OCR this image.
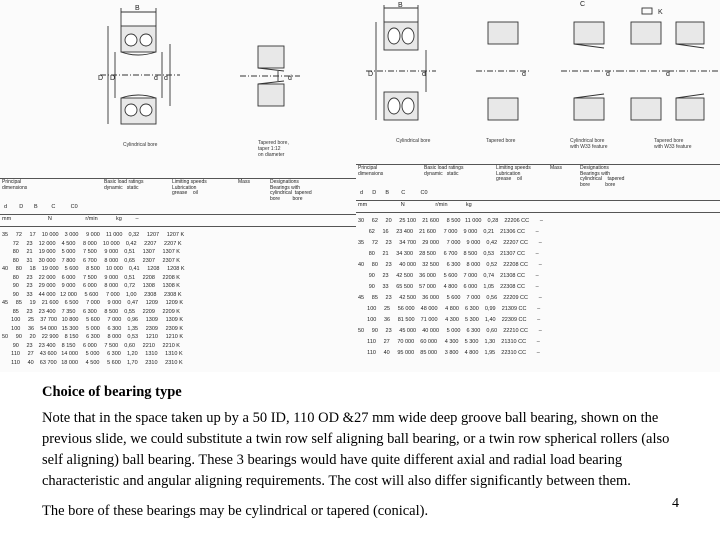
B
D D	d d	d
Cylindrical bore	Tapered bore,
taper 1:12
on diameter
Principal
dimensions
Basic load ratings
dynamic   static
Limiting speeds
Lubrication
grease    oil
Mass	Designations
Bearings with
cylindrical  tapered
bore         bore
d        D       B         C          C0
mm                        N                      r/min            kg         –
35     72     17    10 000    3 000     9 000    11 000    0,32     1207     1207 K
72     23    12 000    4 500     8 000    10 000    0,42     2207     2207 K
80     21    19 000    5 000     7 500     9 000    0,51     1307     1307 K
80     31    30 000    7 800     6 700     8 000    0,65     2307     2307 K
40     80     18    19 000    5 600     8 500    10 000    0,41     1208     1208 K
80     23    22 000    6 000     7 500     9 000    0,51     2208     2208 K
90     23    29 000    9 000     6 000     8 000    0,72     1308     1308 K
90     33    44 000   12 000     5 600     7 000    1,00     2308     2308 K
45     85     19    21 600    6 500     7 000     9 000    0,47     1209     1209 K
85     23    23 400    7 350     6 300     8 500    0,55     2209     2209 K
100     25    37 700   10 800     5 600     7 000    0,96     1309     1309 K
100     36    54 000   15 300     5 000     6 300    1,35     2309     2309 K
50     90     20    22 900    8 150     6 300     8 000    0,53     1210     1210 K
90     23    23 400    8 150     6 000     7 500    0,60     2210     2210 K
110     27    43 600   14 000     5 000     6 300    1,20     1310     1310 K
110     40    63 700   18 000     4 500     5 600    1,70     2310     2310 K
B
D	d	d	d	d
K
C
Cylindrical bore	Tapered bore	Cylindrical bore
with W33 feature
Tapered bore
with W33 feature
Principal
dimensions
Basic load ratings
dynamic   static
Limiting speeds
Lubrication
grease    oil
Mass	Designations
Bearings with
cylindrical    tapered
bore           bore
d      D      B        C          C0
mm                      N                    r/min            kg
30     62     20     25 100    21 600     8 500   11 000    0,28    22206 CC       –
62     16     23 400    21 600     7 000    9 000    0,21    21306 CC       –
35     72     23     34 700    29 000     7 000    9 000    0,42    22207 CC       –
80     21     34 300    28 500     6 700    8 500    0,53    21307 CC       –
40     80     23     40 000    32 500     6 300    8 000    0,52    22208 CC       –
90     23     42 500    36 000     5 600    7 000    0,74    21308 CC       –
90     33     65 500    57 000     4 800    6 000    1,05    22308 CC       –
45     85     23     42 500    36 000     5 600    7 000    0,56    22209 CC       –
100     25     56 000    48 000     4 800    6 300    0,99    21309 CC       –
100     36     81 500    71 000     4 300    5 300    1,40    22309 CC       –
50     90     23     45 000    40 000     5 000    6 300    0,60    22210 CC       –
110     27     70 000    60 000     4 300    5 300    1,30    21310 CC       –
110     40     95 000    85 000     3 800    4 800    1,95    22310 CC       –
Choice of bearing type

Note that in the space taken up by a 50 ID, 110 OD &27 mm wide deep groove ball bearing, shown on the previous slide, we could substitute a twin row self aligning ball bearing, or a twin row spherical rollers (also self aligning) ball bearing. These 3 bearings would have quite different axial and radial load bearing characteristic and angular aligning requirements. The cost will also differ significantly between them.

The bore of these bearings may be cylindrical or tapered (conical).	4
